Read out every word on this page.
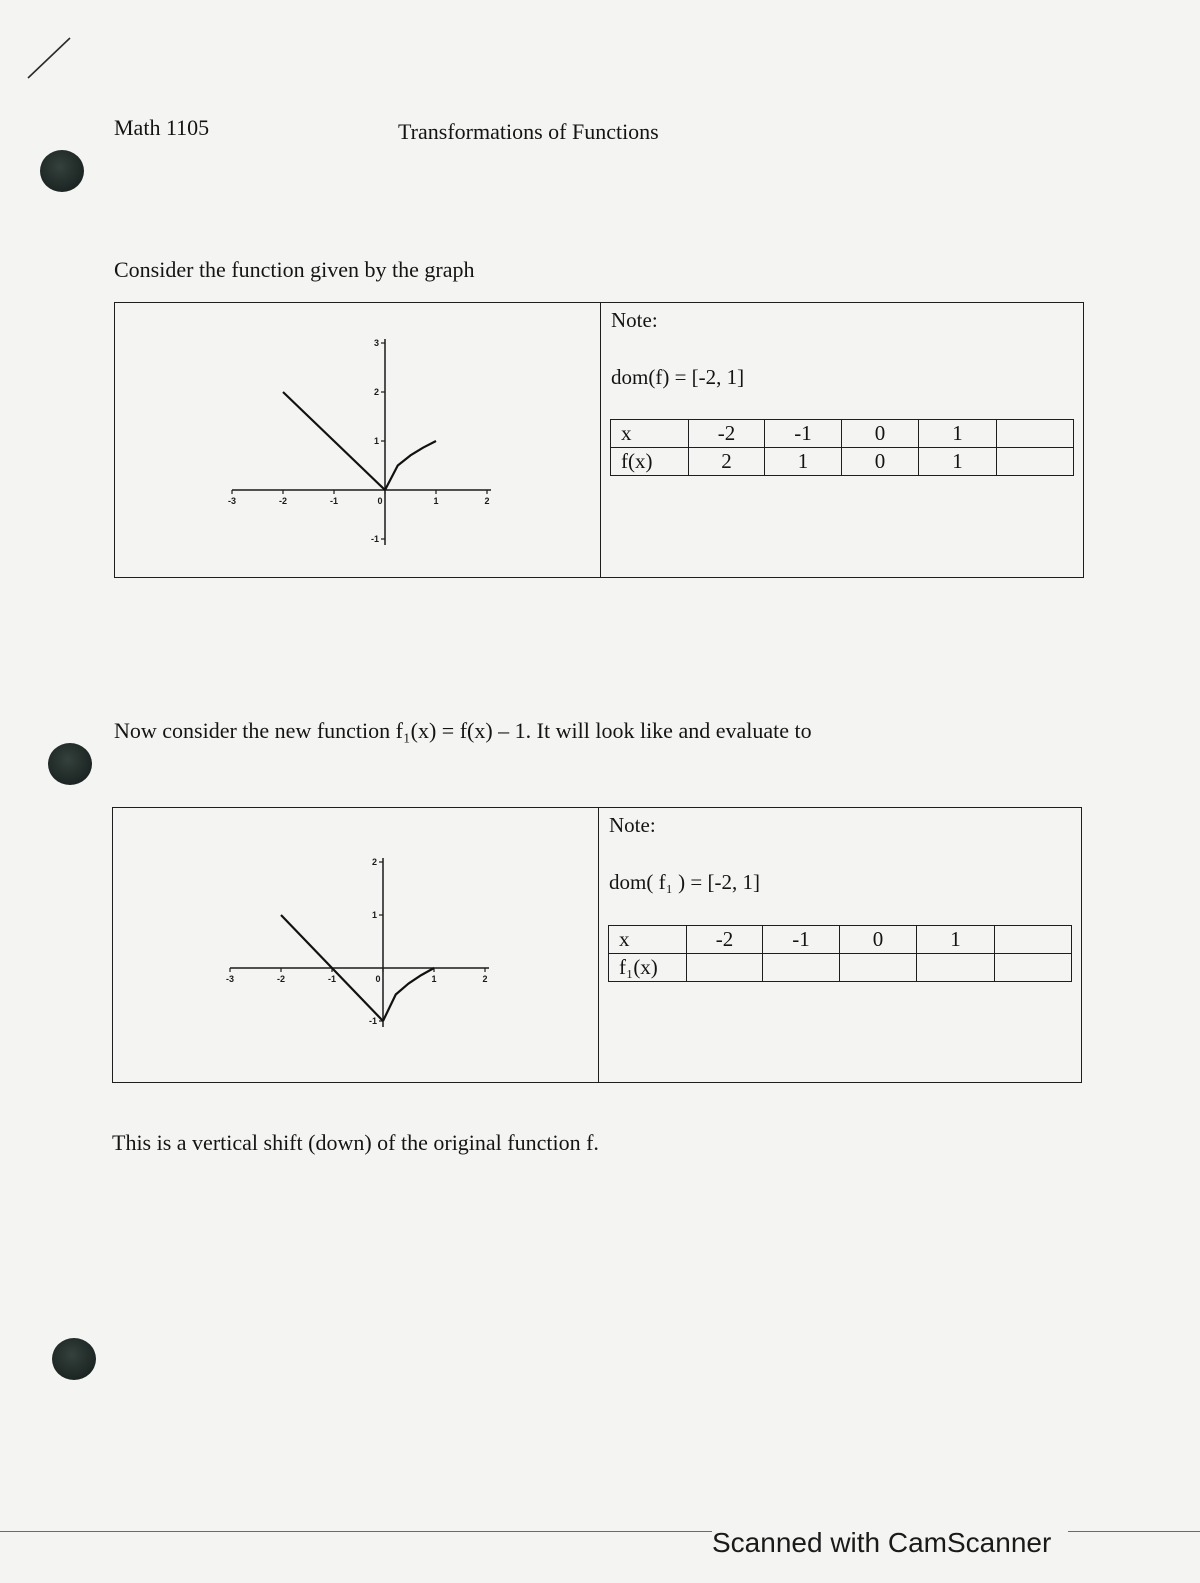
Math 1105	Transformations of Functions
Consider the function given by the graph
-3	-2	-1	0	1	2
-1
1
2
3
Note:
dom(f) = [-2, 1]
x	-2	-1	0	1	
f(x)	2	1	0	1	
Now consider the new function f₁(x) = f(x) – 1. It will look like and evaluate to
-3	-2	-1	0	1	2
-1
1
2
Note:
dom( f₁ ) = [-2, 1]
x	-2	-1	0	1	
f₁(x)					
This is a vertical shift (down) of the original function f.
Scanned with CamScanner
